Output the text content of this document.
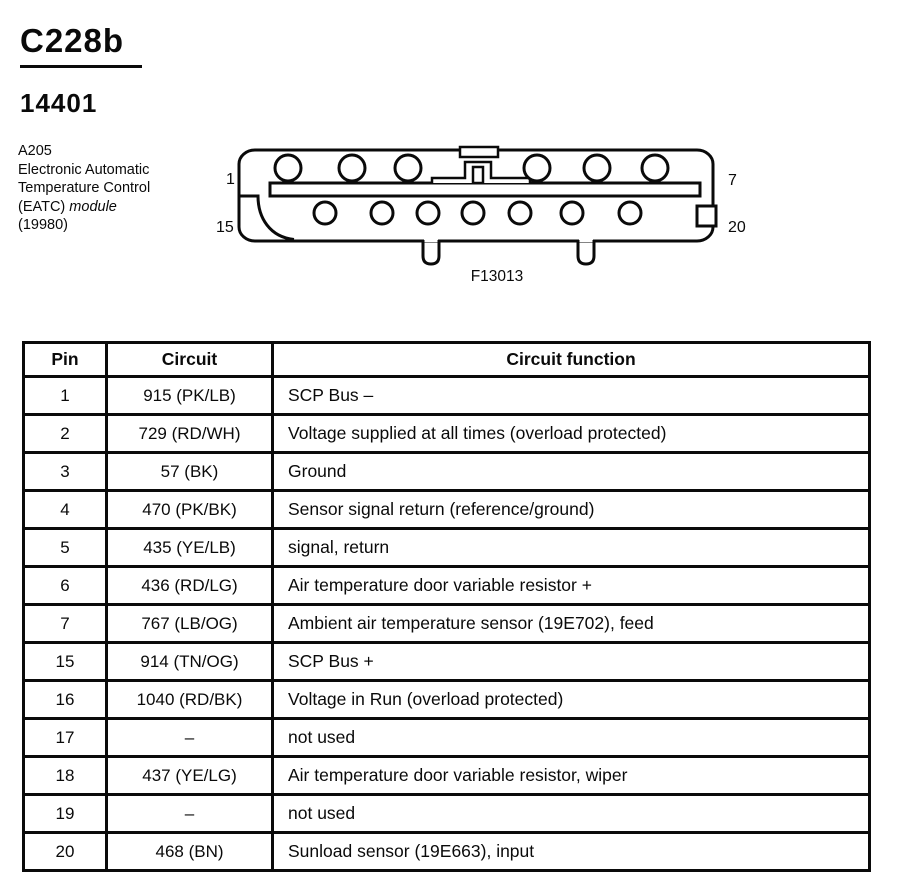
C228b
14401
A205
Electronic Automatic
Temperature Control
(EATC) module
(19980)
1	7
15	20
F13013
Pin	Circuit	Circuit function
1	915 (PK/LB)	SCP Bus –
2	729 (RD/WH)	Voltage supplied at all times (overload protected)
3	57 (BK)	Ground
4	470 (PK/BK)	Sensor signal return (reference/ground)
5	435 (YE/LB)	signal, return
6	436 (RD/LG)	Air temperature door variable resistor +
7	767 (LB/OG)	Ambient air temperature sensor (19E702), feed
15	914 (TN/OG)	SCP Bus +
16	1040 (RD/BK)	Voltage in Run (overload protected)
17	–	not used
18	437 (YE/LG)	Air temperature door variable resistor, wiper
19	–	not used
20	468 (BN)	Sunload sensor (19E663), input
